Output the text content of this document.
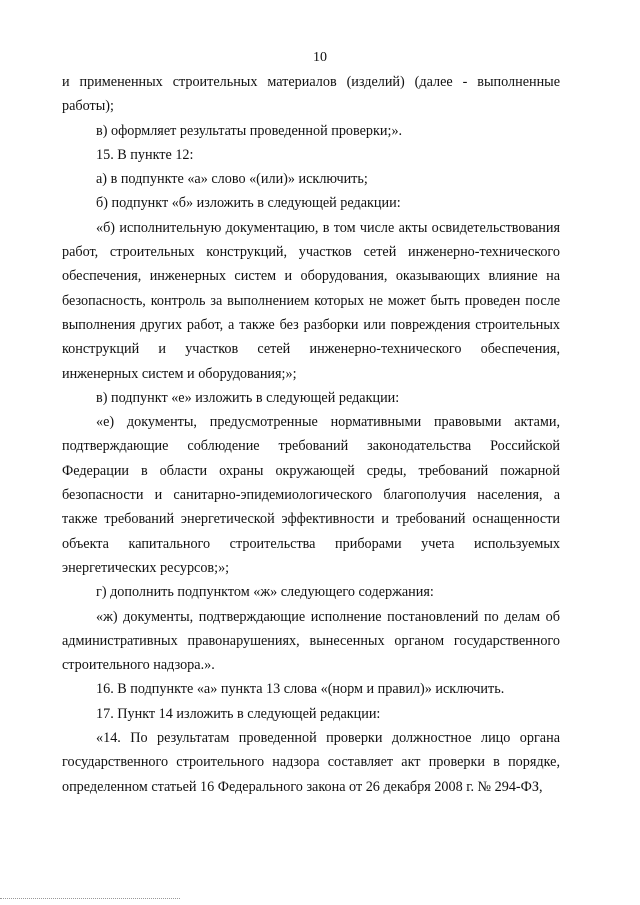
10

и примененных строительных материалов (изделий) (далее - выполненные работы);

в) оформляет результаты проведенной проверки;».

15. В пункте 12:

а) в подпункте «а» слово «(или)» исключить;

б) подпункт «б» изложить в следующей редакции:

«б) исполнительную документацию, в том числе акты освидетельствования работ, строительных конструкций, участков сетей инженерно-технического обеспечения, инженерных систем и оборудования, оказывающих влияние на безопасность, контроль за выполнением которых не может быть проведен после выполнения других работ, а также без разборки или повреждения строительных конструкций и участков сетей инженерно-технического обеспечения, инженерных систем и оборудования;»;

в) подпункт «е» изложить в следующей редакции:

«е) документы, предусмотренные нормативными правовыми актами, подтверждающие соблюдение требований законодательства Российской Федерации в области охраны окружающей среды, требований пожарной безопасности и санитарно-эпидемиологического благополучия населения, а также требований энергетической эффективности и требований оснащенности объекта капитального строительства приборами учета используемых энергетических ресурсов;»;

г) дополнить подпунктом «ж» следующего содержания:

«ж) документы, подтверждающие исполнение постановлений по делам об административных правонарушениях, вынесенных органом государственного строительного надзора.».

16. В подпункте «а» пункта 13 слова «(норм и правил)» исключить.

17. Пункт 14 изложить в следующей редакции:

«14. По результатам проведенной проверки должностное лицо органа государственного строительного надзора составляет акт проверки в порядке, определенном статьей 16 Федерального закона от 26 декабря 2008 г. № 294-ФЗ,
